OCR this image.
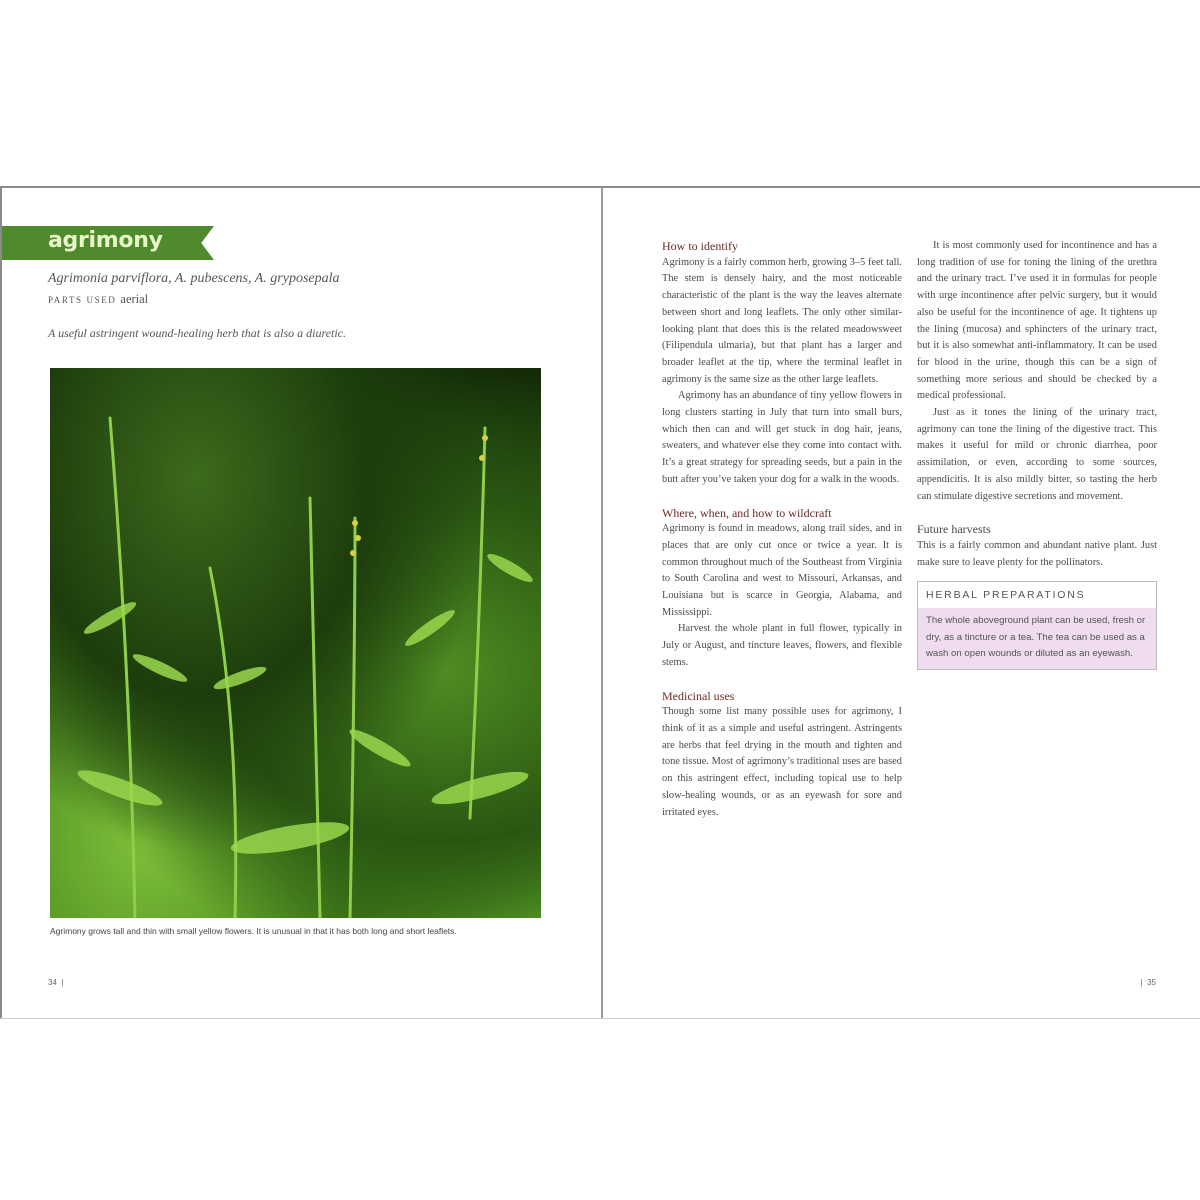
agrimony
Agrimonia parviflora, A. pubescens, A. gryposepala
PARTS USED aerial
A useful astringent wound-healing herb that is also a diuretic.
Agrimony grows tall and thin with small yellow flowers. It is unusual in that it has both long and short leaflets.
34  |
How to identify

Agrimony is a fairly common herb, growing 3–5 feet tall. The stem is densely hairy, and the most noticeable characteristic of the plant is the way the leaves alternate between short and long leaflets. The only other similar-looking plant that does this is the related meadowsweet (Filipendula ulmaria), but that plant has a larger and broader leaflet at the tip, where the terminal leaflet in agrimony is the same size as the other large leaflets.

Agrimony has an abundance of tiny yellow flowers in long clusters starting in July that turn into small burs, which then can and will get stuck in dog hair, jeans, sweaters, and whatever else they come into contact with. It’s a great strategy for spreading seeds, but a pain in the butt after you’ve taken your dog for a walk in the woods.

Where, when, and how to wildcraft

Agrimony is found in meadows, along trail sides, and in places that are only cut once or twice a year. It is common throughout much of the Southeast from Virginia to South Carolina and west to Missouri, Arkansas, and Louisiana but is scarce in Georgia, Alabama, and Mississippi.

Harvest the whole plant in full flower, typically in July or August, and tincture leaves, flowers, and flexible stems.

Medicinal uses

Though some list many possible uses for agrimony, I think of it as a simple and useful astringent. Astringents are herbs that feel drying in the mouth and tighten and tone tissue. Most of agrimony’s traditional uses are based on this astringent effect, including topical use to help slow-healing wounds, or as an eyewash for sore and irritated eyes.

It is most commonly used for incontinence and has a long tradition of use for toning the lining of the urethra and the urinary tract. I’ve used it in formulas for people with urge incontinence after pelvic surgery, but it would also be useful for the incontinence of age. It tightens up the lining (mucosa) and sphincters of the urinary tract, but it is also somewhat anti-inflammatory. It can be used for blood in the urine, though this can be a sign of something more serious and should be checked by a medical professional.

Just as it tones the lining of the urinary tract, agrimony can tone the lining of the digestive tract. This makes it useful for mild or chronic diarrhea, poor assimilation, or even, according to some sources, appendicitis. It is also mildly bitter, so tasting the herb can stimulate digestive secretions and movement.

Future harvests

This is a fairly common and abundant native plant. Just make sure to leave plenty for the pollinators.

HERBAL PREPARATIONS
The whole aboveground plant can be used, fresh or dry, as a tincture or a tea. The tea can be used as a wash on open wounds or diluted as an eyewash.
|  35
